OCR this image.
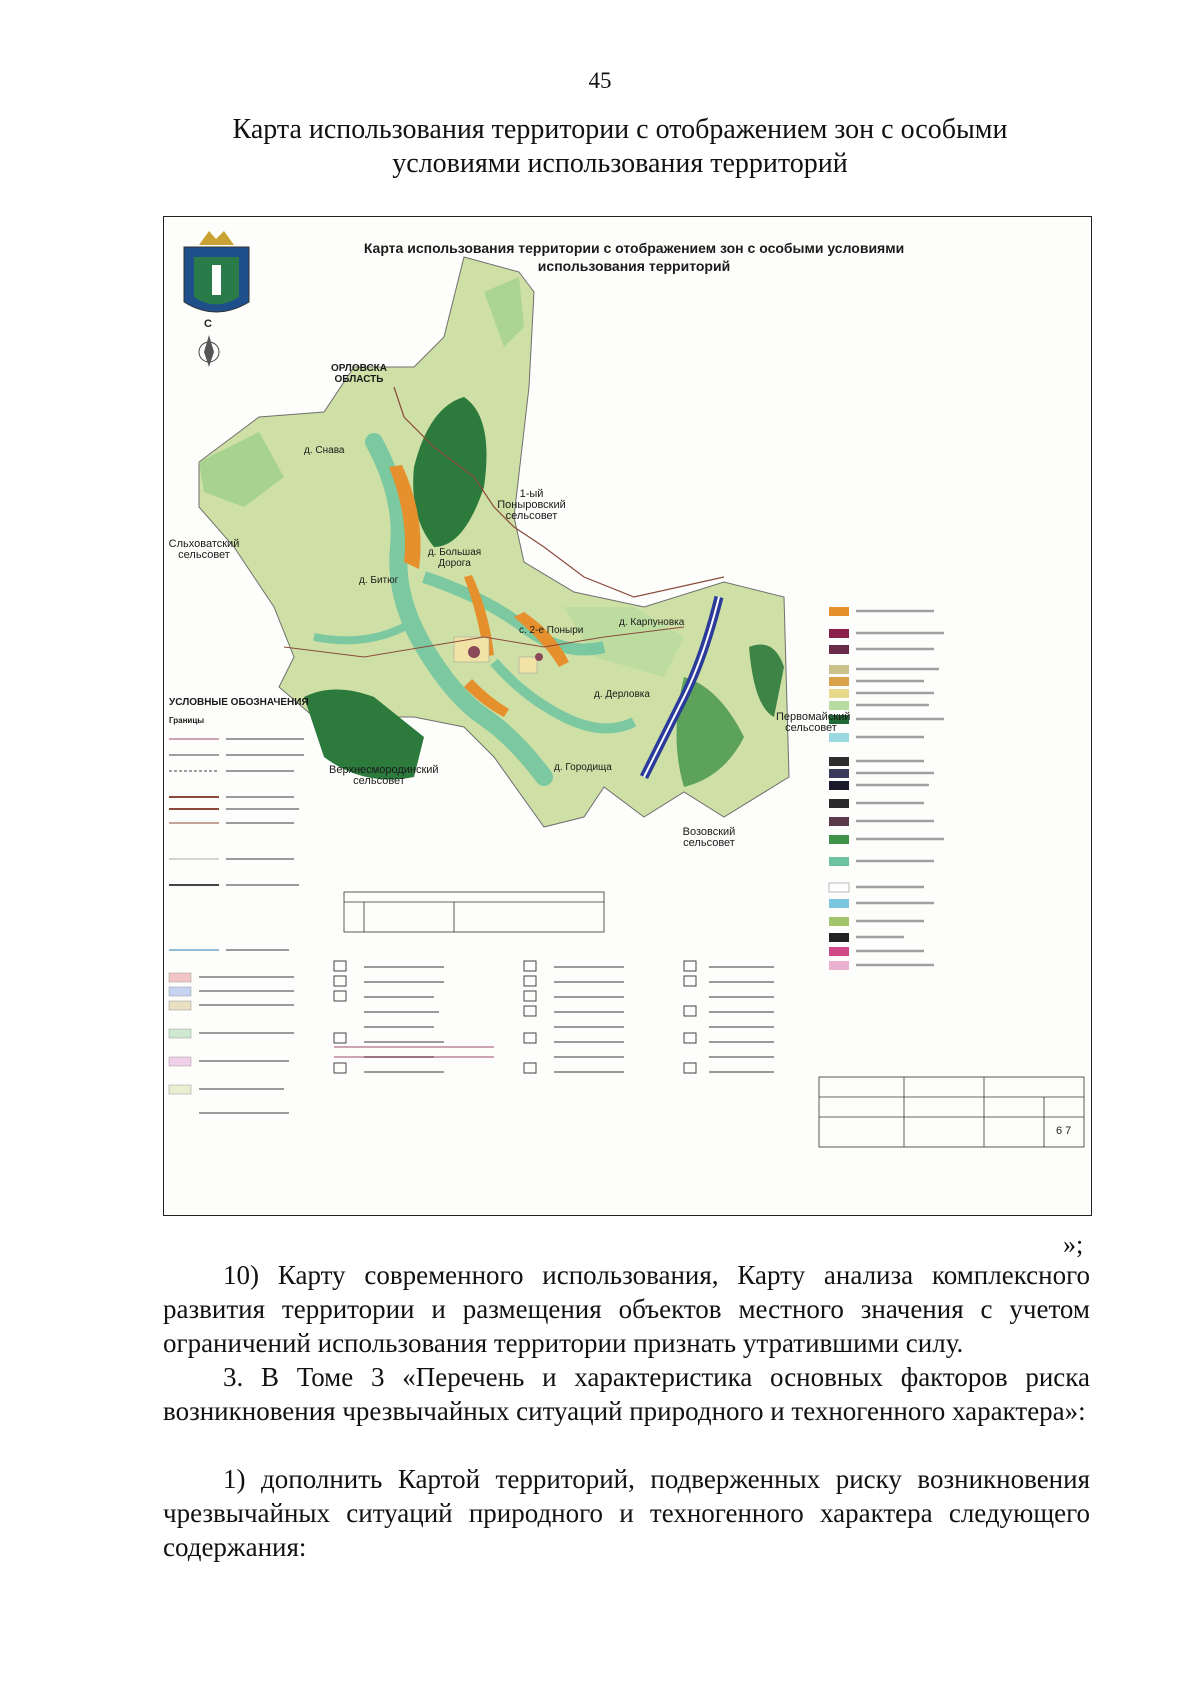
45
Карта использования территории с отображением зон с особыми условиями использования территорий
С
6 7
Карта использования территории с отображением зон с особыми условиями использования территорий
ОРЛОВСКА ОБЛАСТЬ
д. Снава
1-ый Поныровский сельсовет
Сльховатский сельсовет	д. Большая Дорога
д. Битюг
с. 2-е Поныри
д. Карпуновка
д. Дерловка
Первомайский сельсовет
Верхнесмородинский сельсовет
д. Городища
Возовский сельсовет
УСЛОВНЫЕ ОБОЗНАЧЕНИЯ
Границы
»;
10) Карту современного использования, Карту анализа комплексного развития территории и размещения объектов местного значения с учетом ограничений использования территории признать утратившими силу.
3. В Томе 3 «Перечень и характеристика основных факторов риска возникновения чрезвычайных ситуаций природного и техногенного характера»:
1) дополнить Картой территорий, подверженных риску возникновения чрезвычайных ситуаций природного и техногенного характера следующего содержания:
